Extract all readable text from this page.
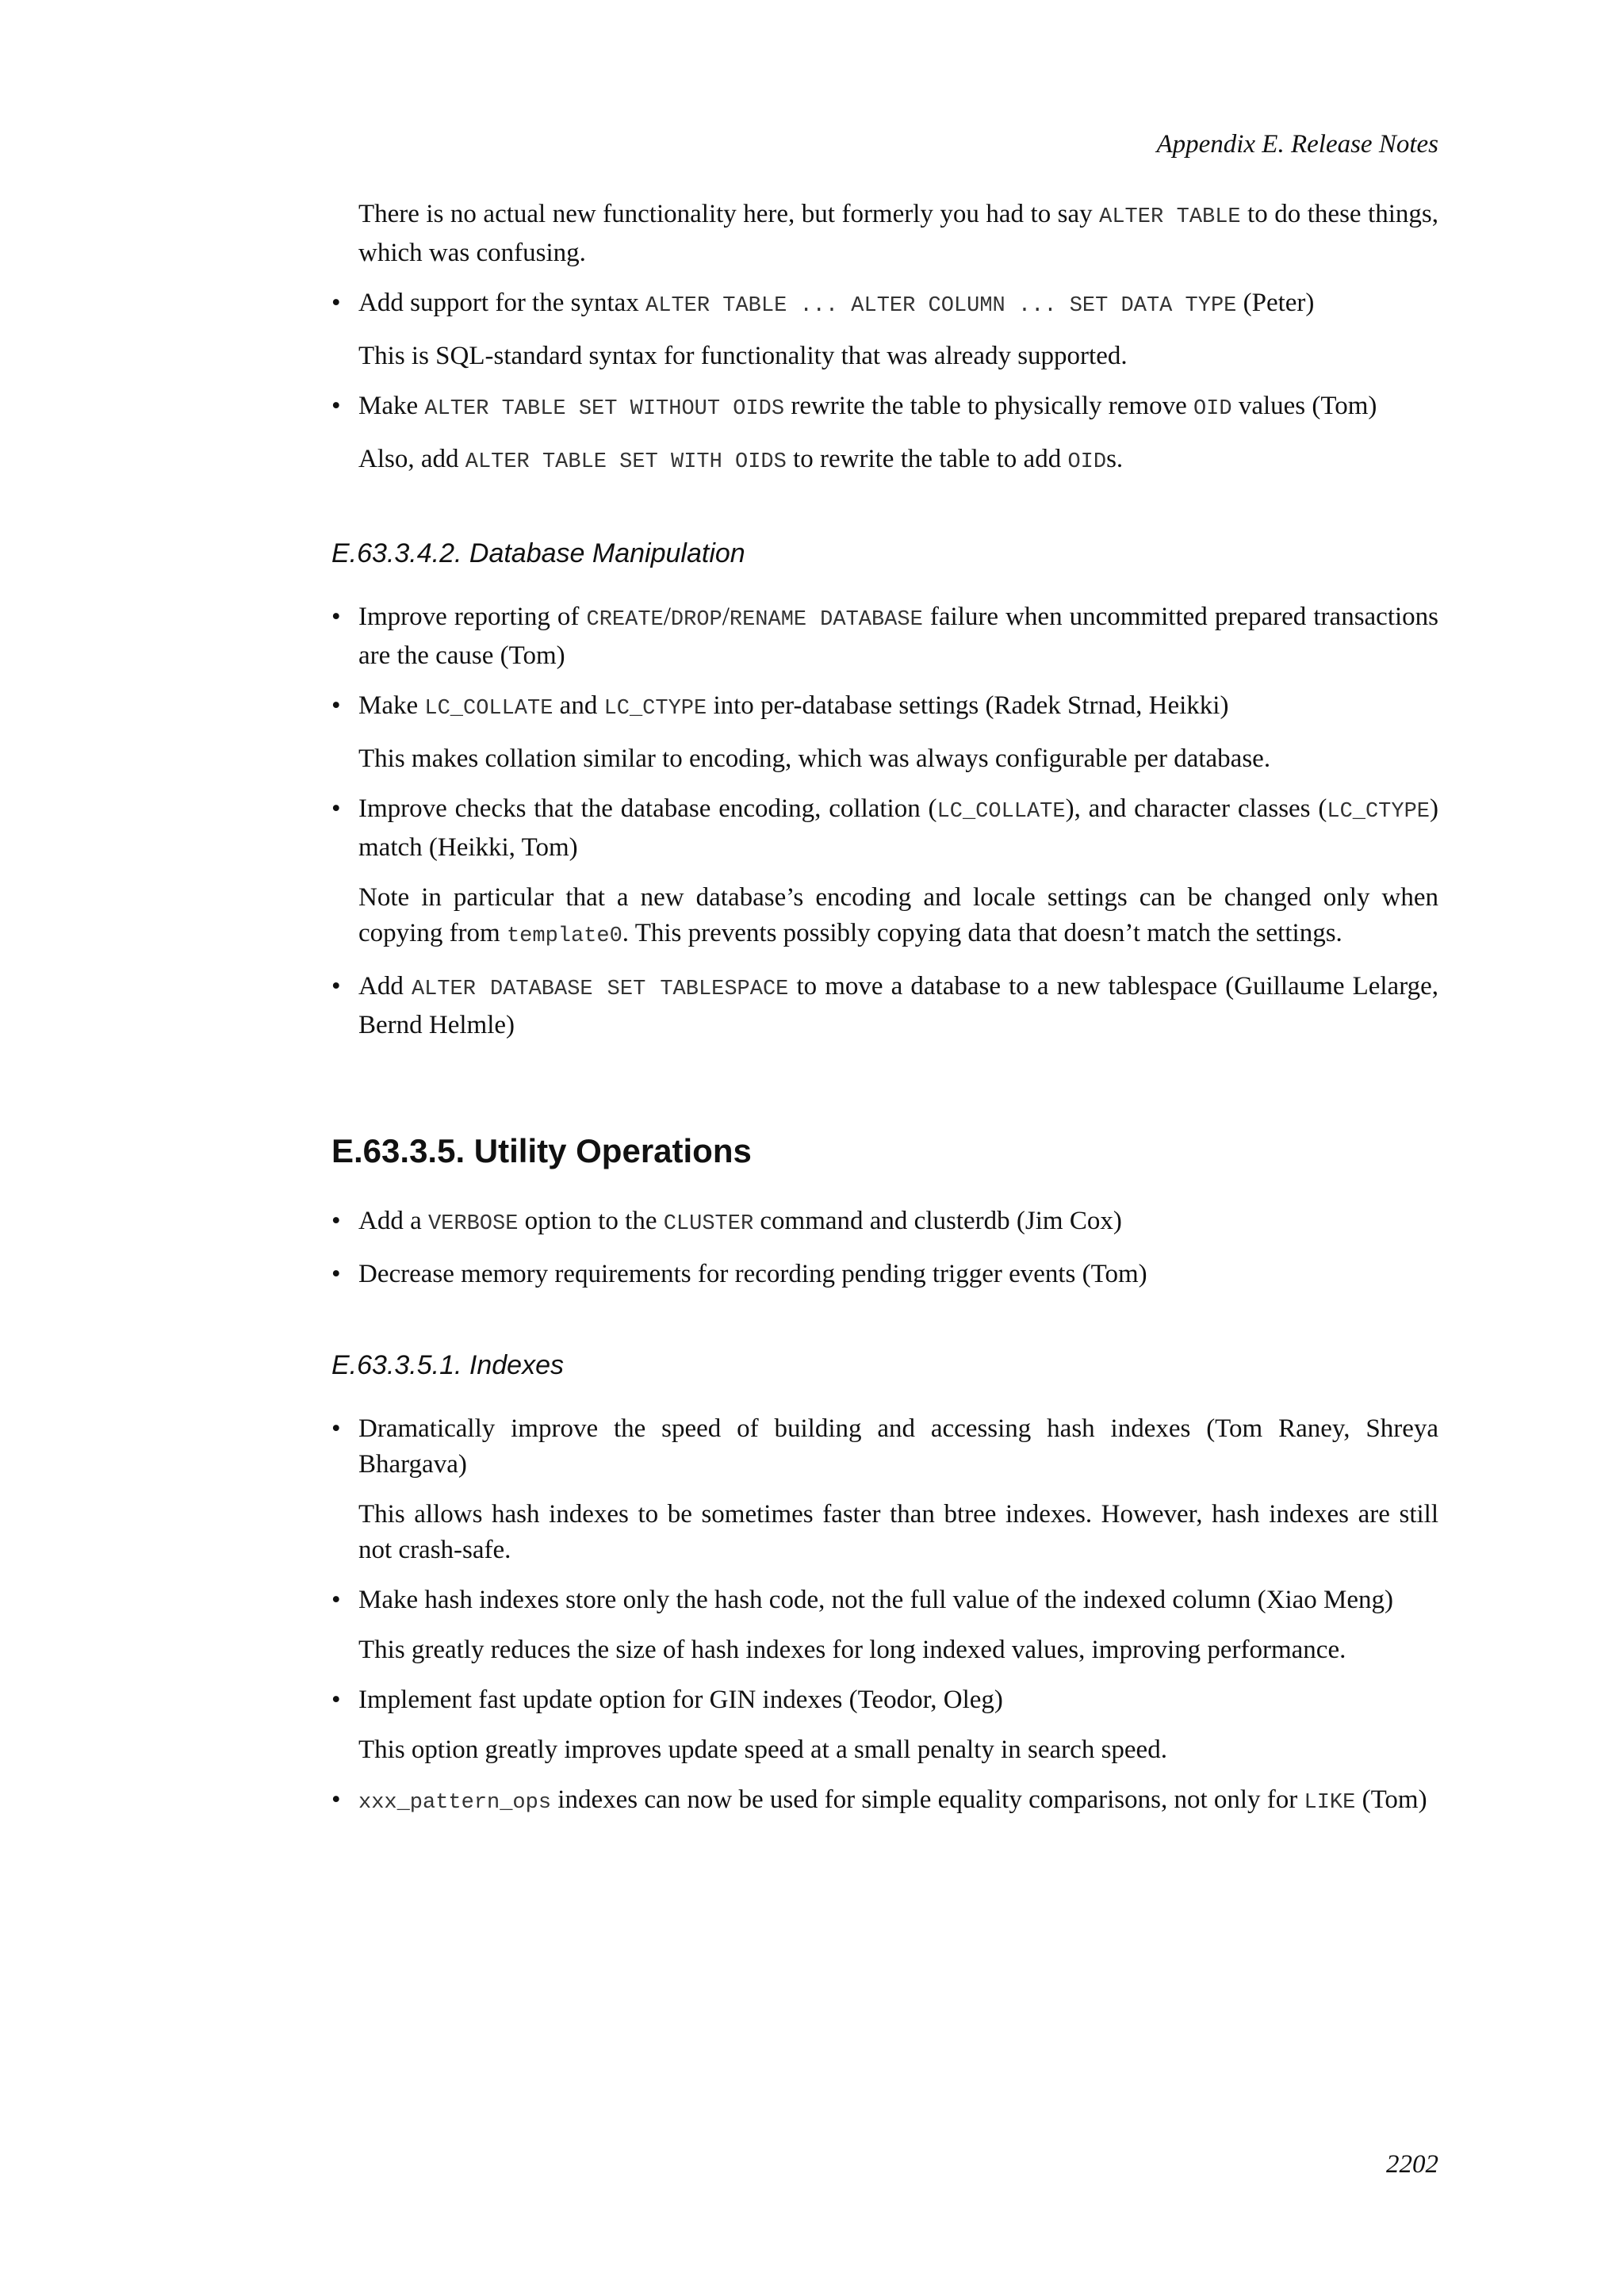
Appendix E. Release Notes

There is no actual new functionality here, but formerly you had to say ALTER TABLE to do these things, which was confusing.

• Add support for the syntax ALTER TABLE ... ALTER COLUMN ... SET DATA TYPE (Peter)
This is SQL-standard syntax for functionality that was already supported.
• Make ALTER TABLE SET WITHOUT OIDS rewrite the table to physically remove OID values (Tom)
Also, add ALTER TABLE SET WITH OIDS to rewrite the table to add OIDs.
E.63.3.4.2. Database Manipulation
• Improve reporting of CREATE/DROP/RENAME DATABASE failure when uncommitted prepared transactions are the cause (Tom)
• Make LC_COLLATE and LC_CTYPE into per-database settings (Radek Strnad, Heikki)
This makes collation similar to encoding, which was always configurable per database.
• Improve checks that the database encoding, collation (LC_COLLATE), and character classes (LC_CTYPE) match (Heikki, Tom)
Note in particular that a new database’s encoding and locale settings can be changed only when copying from template0. This prevents possibly copying data that doesn’t match the settings.
• Add ALTER DATABASE SET TABLESPACE to move a database to a new tablespace (Guillaume Lelarge, Bernd Helmle)
E.63.3.5. Utility Operations
• Add a VERBOSE option to the CLUSTER command and clusterdb (Jim Cox)
• Decrease memory requirements for recording pending trigger events (Tom)
E.63.3.5.1. Indexes
• Dramatically improve the speed of building and accessing hash indexes (Tom Raney, Shreya Bhargava)
This allows hash indexes to be sometimes faster than btree indexes. However, hash indexes are still not crash-safe.
• Make hash indexes store only the hash code, not the full value of the indexed column (Xiao Meng)
This greatly reduces the size of hash indexes for long indexed values, improving performance.
• Implement fast update option for GIN indexes (Teodor, Oleg)
This option greatly improves update speed at a small penalty in search speed.
• xxx_pattern_ops indexes can now be used for simple equality comparisons, not only for LIKE (Tom)
2202
